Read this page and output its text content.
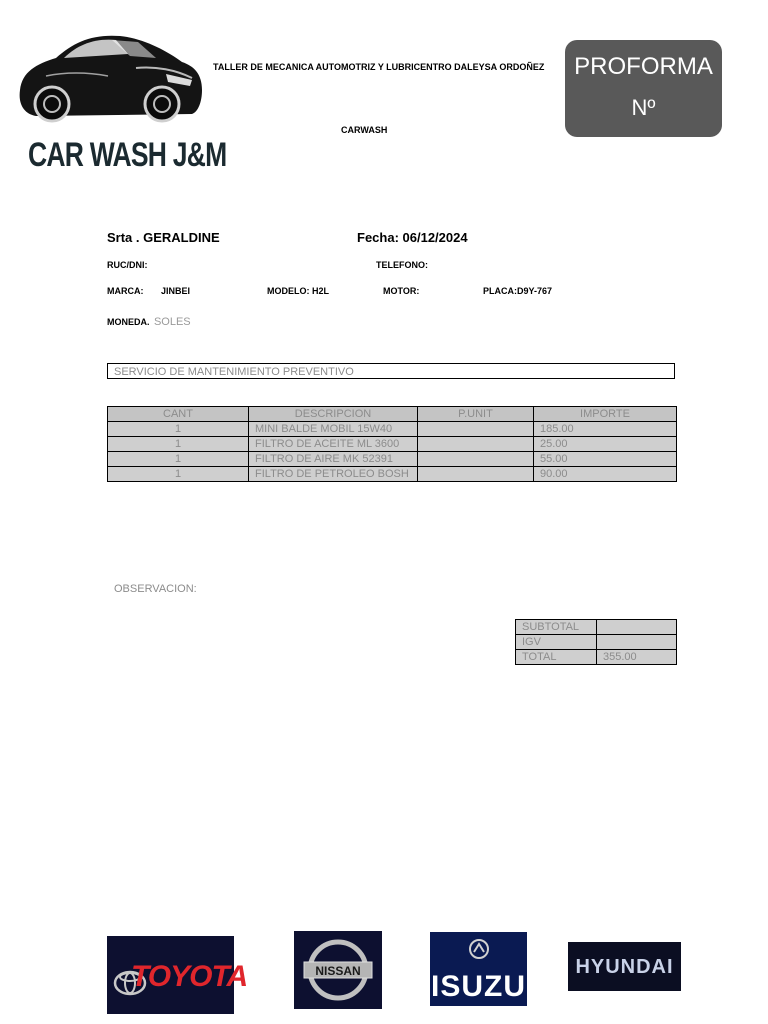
CAR WASH J&M
TALLER DE MECANICA AUTOMOTRIZ Y LUBRICENTRO DALEYSA ORDOÑEZ
CARWASH
PROFORMA
Nº
Srta . GERALDINE	Fecha: 06/12/2024
RUC/DNI:	TELEFONO:
MARCA: JINBEI	MODELO: H2L	MOTOR:	PLACA:D9Y-767
MONEDA. SOLES
SERVICIO DE MANTENIMIENTO PREVENTIVO
CANT	DESCRIPCION	P.UNIT	IMPORTE
1	MINI BALDE MOBIL 15W40		185.00
1	FILTRO DE ACEITE ML 3600		25.00
1	FILTRO DE AIRE MK 52391		55.00
1	FILTRO DE PETROLEO BOSH		90.00
OBSERVACION:
SUBTOTAL	
IGV	
TOTAL	355.00
TOYOTA	NISSAN	ISUZU
HYUNDAI
